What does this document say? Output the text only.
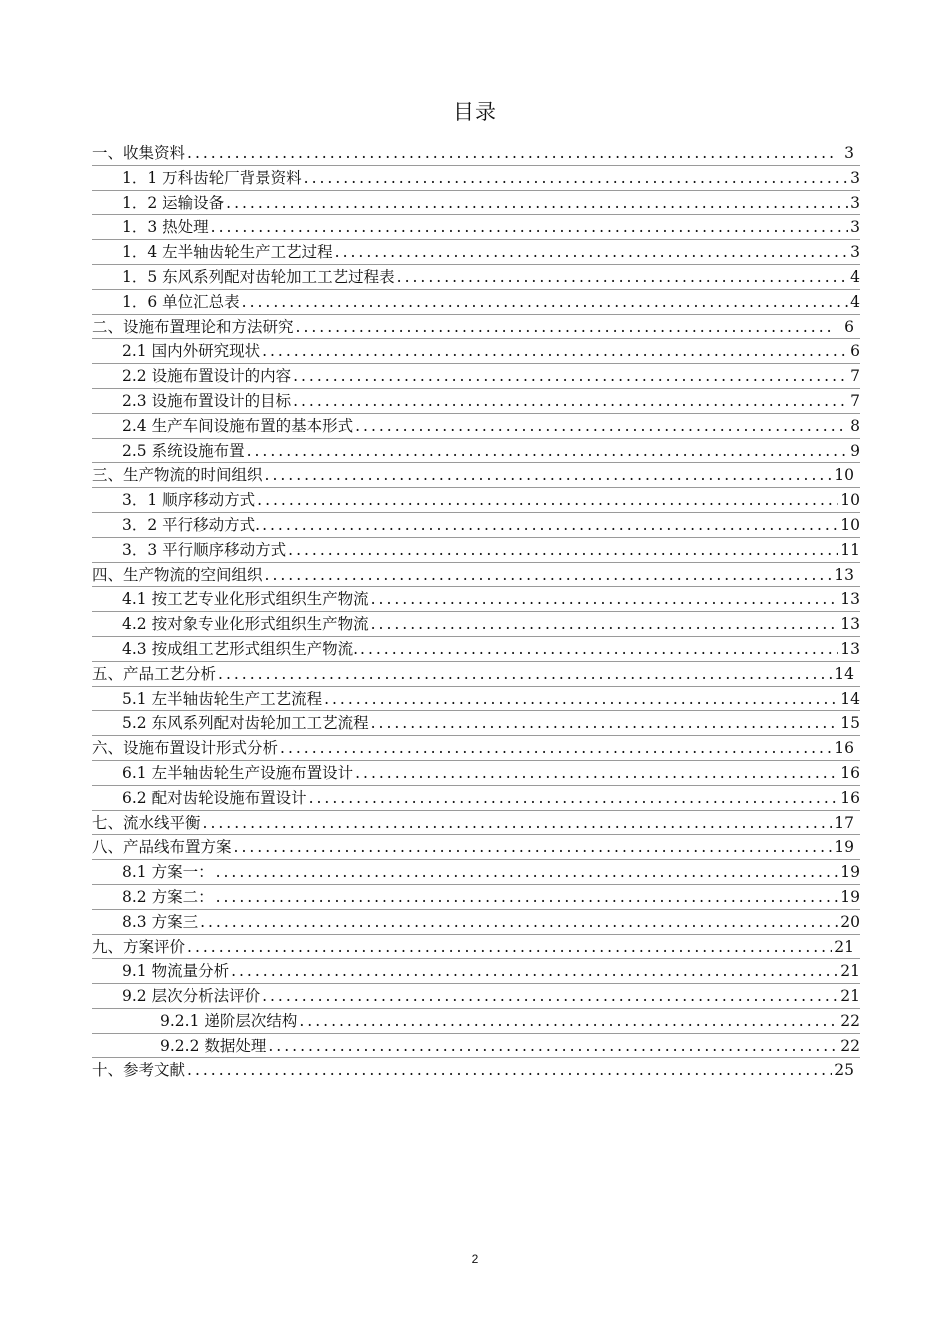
目录
一、收集资料 .....	3
1．1 万科齿轮厂背景资料 .....	3
1．2 运输设备 .....	3
1．3 热处理 .....	3
1．4 左半轴齿轮生产工艺过程 .....	3
1．5 东风系列配对齿轮加工工艺过程表 .....	4
1．6 单位汇总表 .....	4
二、设施布置理论和方法研究 .....	6
2.1 国内外研究现状 .....	6
2.2 设施布置设计的内容 .....	7
2.3 设施布置设计的目标 .....	7
2.4 生产车间设施布置的基本形式 .....	8
2.5 系统设施布置 .....	9
三、生产物流的时间组织 .....	10
3．1 顺序移动方式 .....	10
3．2 平行移动方式. .....	10
3．3 平行顺序移动方式 .....	11
四、生产物流的空间组织 .....	13
4.1 按工艺专业化形式组织生产物流 .....	13
4.2 按对象专业化形式组织生产物流 .....	13
4.3 按成组工艺形式组织生产物流. .....	13
五、产品工艺分析 .....	14
5.1 左半轴齿轮生产工艺流程 .....	14
5.2 东风系列配对齿轮加工工艺流程 .....	15
六、设施布置设计形式分析 .....	16
6.1 左半轴齿轮生产设施布置设计 .....	16
6.2 配对齿轮设施布置设计 .....	16
七、流水线平衡 .....	17
八、产品线布置方案 .....	19
8.1 方案一： .....	19
8.2 方案二： .....	19
8.3 方案三 .....	20
九、方案评价 .....	21
9.1 物流量分析 .....	21
9.2 层次分析法评价 .....	21
9.2.1 递阶层次结构 .....	22
9.2.2 数据处理 .....	22
十、参考文献 .....	25
2
